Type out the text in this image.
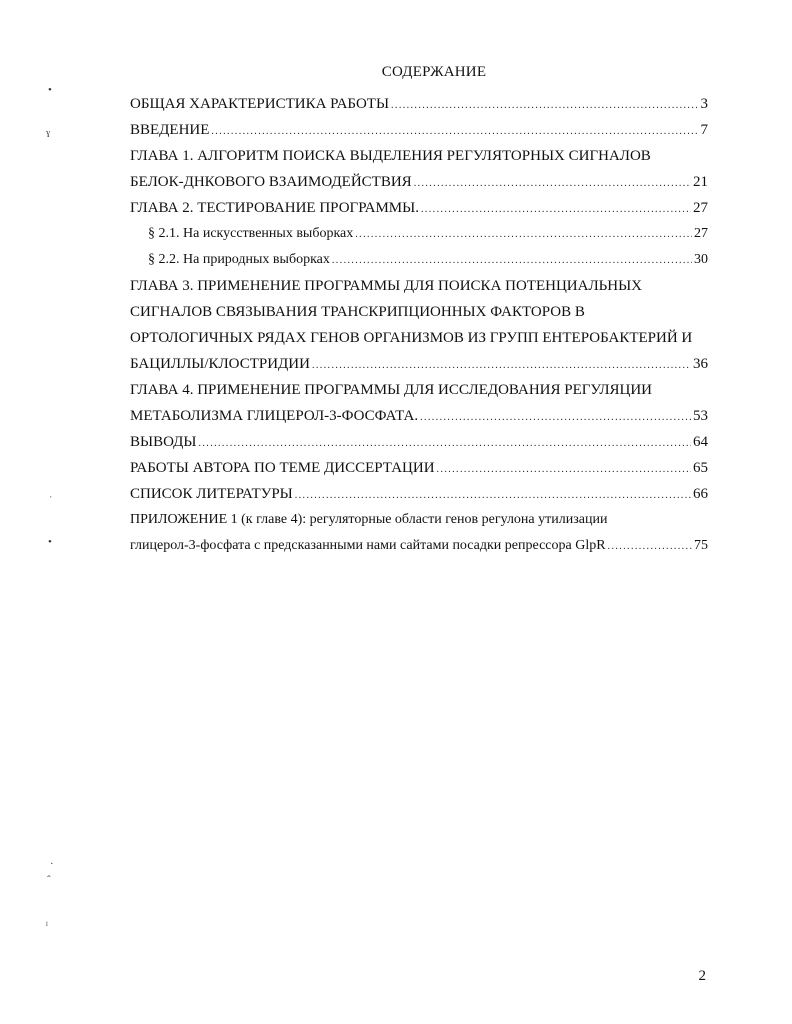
СОДЕРЖАНИЕ
ОБЩАЯ ХАРАКТЕРИСТИКА РАБОТЫ .....	3
ВВЕДЕНИЕ .....	7
ГЛАВА 1. АЛГОРИТМ ПОИСКА ВЫДЕЛЕНИЯ РЕГУЛЯТОРНЫХ СИГНАЛОВ
БЕЛОК-ДНКОВОГО ВЗАИМОДЕЙСТВИЯ .....	21
ГЛАВА 2. ТЕСТИРОВАНИЕ ПРОГРАММЫ. .....	27
§ 2.1. На искусственных выборках .....	27
§ 2.2. На природных выборках .....	30
ГЛАВА 3. ПРИМЕНЕНИЕ ПРОГРАММЫ ДЛЯ ПОИСКА ПОТЕНЦИАЛЬНЫХ
СИГНАЛОВ СВЯЗЫВАНИЯ ТРАНСКРИПЦИОННЫХ ФАКТОРОВ В
ОРТОЛОГИЧНЫХ РЯДАХ ГЕНОВ ОРГАНИЗМОВ ИЗ ГРУПП ЕНТЕРОБАКТЕРИЙ И
БАЦИЛЛЫ/КЛОСТРИДИИ .....	36
ГЛАВА 4. ПРИМЕНЕНИЕ ПРОГРАММЫ ДЛЯ ИССЛЕДОВАНИЯ РЕГУЛЯЦИИ
МЕТАБОЛИЗМА ГЛИЦЕРОЛ-3-ФОСФАТА. .....	53
ВЫВОДЫ .....	64
РАБОТЫ АВТОРА ПО ТЕМЕ ДИССЕРТАЦИИ .....	65
СПИСОК ЛИТЕРАТУРЫ .....	66
ПРИЛОЖЕНИЕ 1 (к главе 4): регуляторные области генов регулона утилизации
глицерол-3-фосфата с предсказанными нами сайтами посадки репрессора GlpR .....	75
2
•
ˠ
ˌ
•
·
ˆ
ˡ
